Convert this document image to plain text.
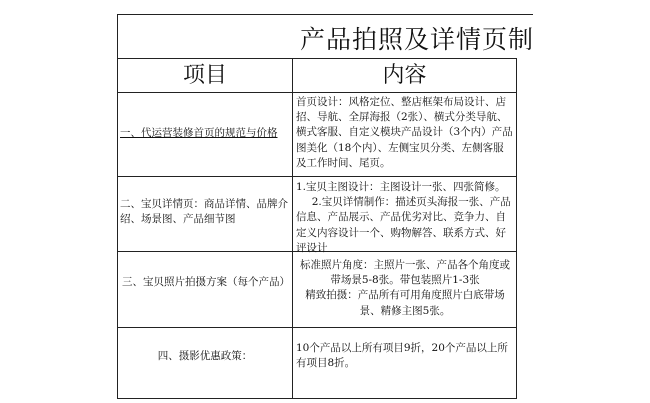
产品拍照及详情页制
项目	内容
一、代运营装修首页的规范与价格

首页设计：风格定位、整店框架布局设计、店招、导航、全屏海报（2张）、横式分类导航、

横式客服、自定义模块产品设计（3个内）产品图美化（18个内）、左侧宝贝分类、左侧客服及工作时间、尾页。

二、宝贝详情页：商品详情、品牌介绍、场景图、产品细节图

1.宝贝主图设计：主图设计一张、四张简修。

2.宝贝详情制作：描述页头海报一张、产品信息、产品展示、产品优劣对比、竞争力、自定义内容设计一个、购物解答、联系方式、好评设计

三、宝贝照片拍摄方案（每个产品）

标准照片角度：主照片一张、产品各个角度或带场景5-8张。带包装照片1-3张

精致拍摄：产品所有可用角度照片白底带场景、精修主图5张。

四、摄影优惠政策：
10个产品以上所有项目9折，20个产品以上所有项目8折。
